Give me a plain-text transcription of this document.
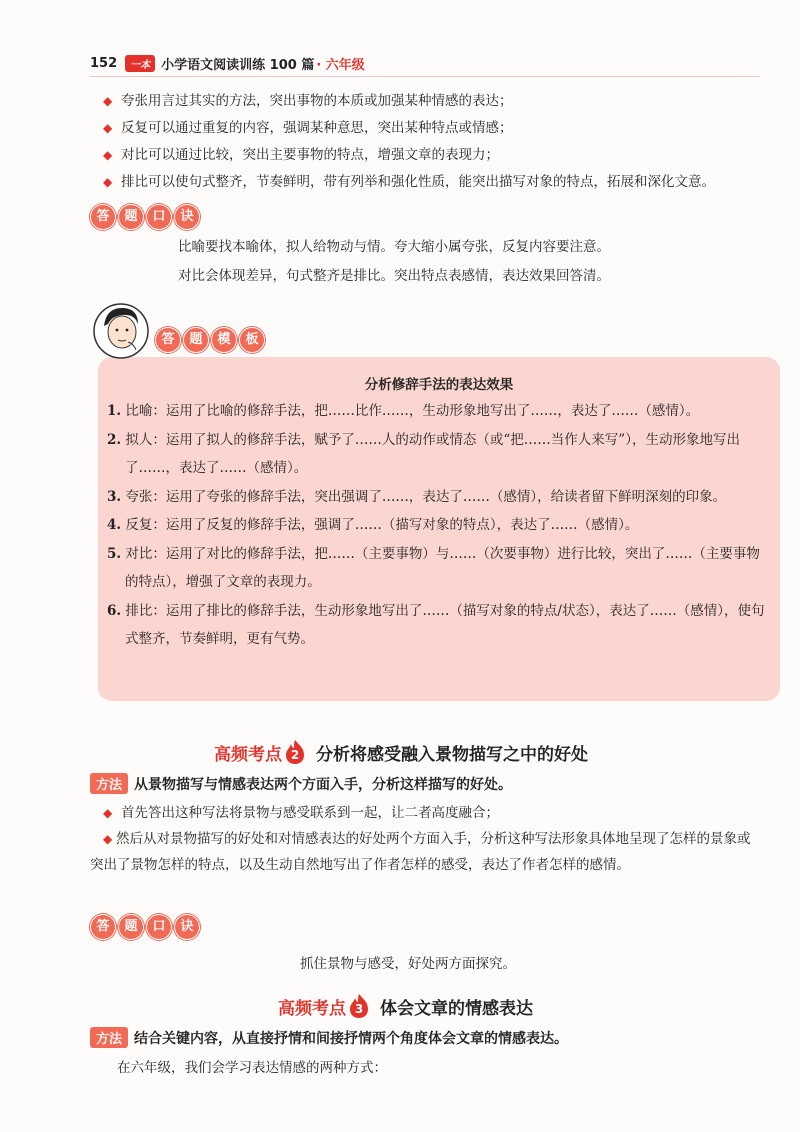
152	一本 小学语文阅读训练 100 篇 · 六年级
◆ 夸张用言过其实的方法，突出事物的本质或加强某种情感的表达；
◆ 反复可以通过重复的内容，强调某种意思，突出某种特点或情感；
◆ 对比可以通过比较，突出主要事物的特点，增强文章的表现力；
◆ 排比可以使句式整齐，节奏鲜明，带有列举和强化性质，能突出描写对象的特点，拓展和深化文意。
答	题	口	诀
比喻要找本喻体，拟人给物动与情。夸大缩小属夸张，反复内容要注意。
对比会体现差异，句式整齐是排比。突出特点表感情，表达效果回答清。
答	题	模	板
分析修辞手法的表达效果
1. 比喻：运用了比喻的修辞手法，把……比作……，生动形象地写出了……，表达了……（感情）。
2. 拟人：运用了拟人的修辞手法，赋予了……人的动作或情态（或“把……当作人来写”），生动形象地写出了……，表达了……（感情）。
3. 夸张：运用了夸张的修辞手法，突出强调了……，表达了……（感情），给读者留下鲜明深刻的印象。
4. 反复：运用了反复的修辞手法，强调了……（描写对象的特点），表达了……（感情）。
5. 对比：运用了对比的修辞手法，把……（主要事物）与……（次要事物）进行比较，突出了……（主要事物的特点），增强了文章的表现力。
6. 排比：运用了排比的修辞手法，生动形象地写出了……（描写对象的特点/状态），表达了……（感情），使句式整齐，节奏鲜明，更有气势。
高频考点 2 分析将感受融入景物描写之中的好处
方法 从景物描写与情感表达两个方面入手，分析这样描写的好处。
◆ 首先答出这种写法将景物与感受联系到一起，让二者高度融合；
◆ 然后从对景物描写的好处和对情感表达的好处两个方面入手，分析这种写法形象具体地呈现了怎样的景象或突出了景物怎样的特点，以及生动自然地写出了作者怎样的感受，表达了作者怎样的感情。
答	题	口	诀
抓住景物与感受，好处两方面探究。
高频考点 3 体会文章的情感表达
方法 结合关键内容，从直接抒情和间接抒情两个角度体会文章的情感表达。
在六年级，我们会学习表达情感的两种方式：
